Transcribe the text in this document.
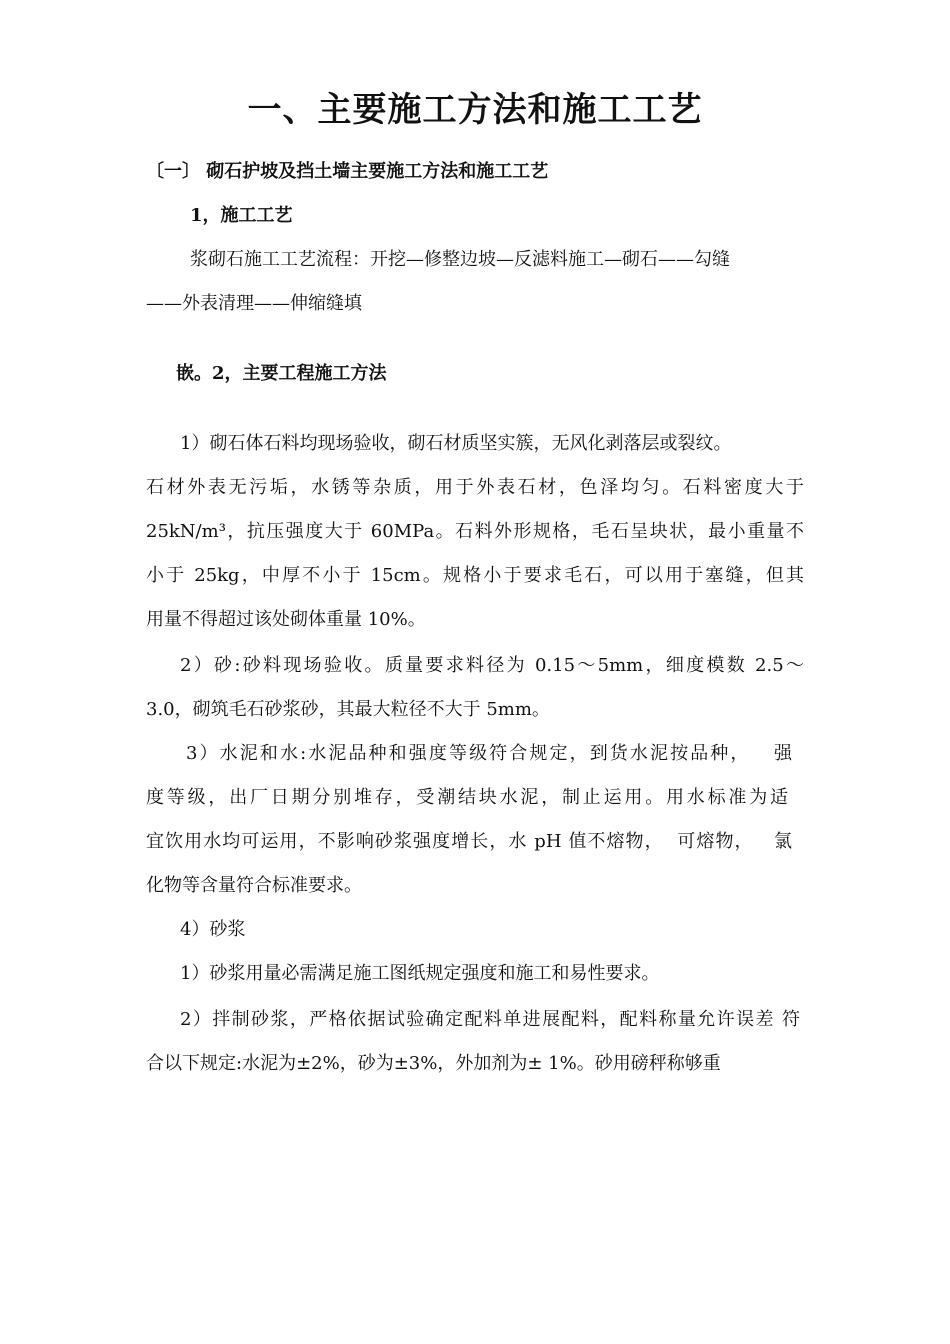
一、主要施工方法和施工工艺
〔一〕 砌石护坡及挡土墙主要施工方法和施工工艺
1，施工工艺
浆砌石施工工艺流程：开挖—修整边坡—反滤料施工—砌石——勾缝
——外表清理——伸缩缝填
嵌。2，主要工程施工方法
1）砌石体石料均现场验收，砌石材质坚实簇，无风化剥落层或裂纹。
石材外表无污垢，水锈等杂质，用于外表石材，色泽均匀。石料密度大于
25kN/m³，抗压强度大于 60MPa。石料外形规格，毛石呈块状，最小重量不
小于 25kg，中厚不小于 15cm。规格小于要求毛石，可以用于塞缝，但其
用量不得超过该处砌体重量 10%。
2）砂:砂料现场验收。质量要求料径为 0.15～5mm，细度模数 2.5～
3.0，砌筑毛石砂浆砂，其最大粒径不大于 5mm。
3）水泥和水:水泥品种和强度等级符合规定，到货水泥按品种，   强
度等级，出厂日期分别堆存，受潮结块水泥，制止运用。用水标准为适
宜饮用水均可运用，不影响砂浆强度增长，水 pH 值不熔物，  可熔物，   氯
化物等含量符合标准要求。
4）砂浆
1）砂浆用量必需满足施工图纸规定强度和施工和易性要求。
2）拌制砂浆，严格依据试验确定配料单进展配料，配料称量允许误差 符
合以下规定:水泥为±2%，砂为±3%，外加剂为± 1%。砂用磅秤称够重
